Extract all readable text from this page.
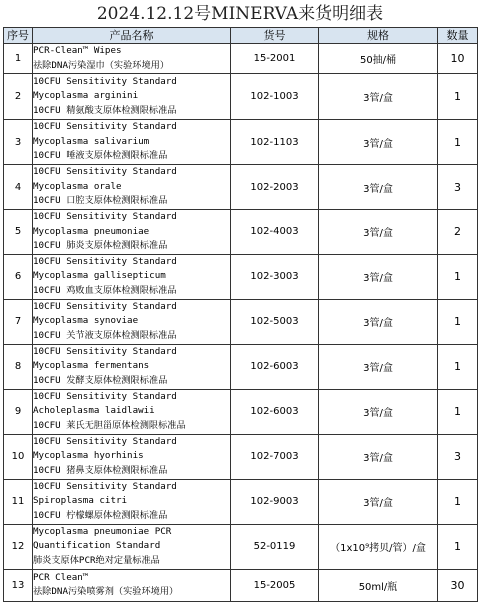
2024.12.12号MINERVA来货明细表
序号	产品名称	货号	规格	数量
1	PCR-Clean™ Wipes
祛除DNA污染湿巾（实验环境用）	15-2001	50抽/桶	10
2	10CFU Sensitivity Standard
Mycoplasma arginini
10CFU 精氨酸支原体检测限标准品	102-1003	3管/盒	1
3	10CFU Sensitivity Standard
Mycoplasma salivarium
10CFU 唾液支原体检测限标准品	102-1103	3管/盒	1
4	10CFU Sensitivity Standard
Mycoplasma orale
10CFU 口腔支原体检测限标准品	102-2003	3管/盒	3
5	10CFU Sensitivity Standard
Mycoplasma pneumoniae
10CFU 肺炎支原体检测限标准品	102-4003	3管/盒	2
6	10CFU Sensitivity Standard
Mycoplasma gallisepticum
10CFU 鸡败血支原体检测限标准品	102-3003	3管/盒	1
7	10CFU Sensitivity Standard
Mycoplasma synoviae
10CFU 关节液支原体检测限标准品	102-5003	3管/盒	1
8	10CFU Sensitivity Standard
Mycoplasma fermentans
10CFU 发酵支原体检测限标准品	102-6003	3管/盒	1
9	10CFU Sensitivity Standard
Acholeplasma laidlawii
10CFU 莱氏无胆甾原体检测限标准品	102-6003	3管/盒	1
10	10CFU Sensitivity Standard
Mycoplasma hyorhinis
10CFU 猪鼻支原体检测限标准品	102-7003	3管/盒	3
11	10CFU Sensitivity Standard
Spiroplasma citri
10CFU 柠檬螺原体检测限标准品	102-9003	3管/盒	1
12	Mycoplasma pneumoniae PCR
Quantification Standard
肺炎支原体PCR绝对定量标准品	52-0119	（1x10⁹拷贝/管）/盒	1
13	PCR Clean™
祛除DNA污染喷雾剂（实验环境用）	15-2005	50ml/瓶	30
